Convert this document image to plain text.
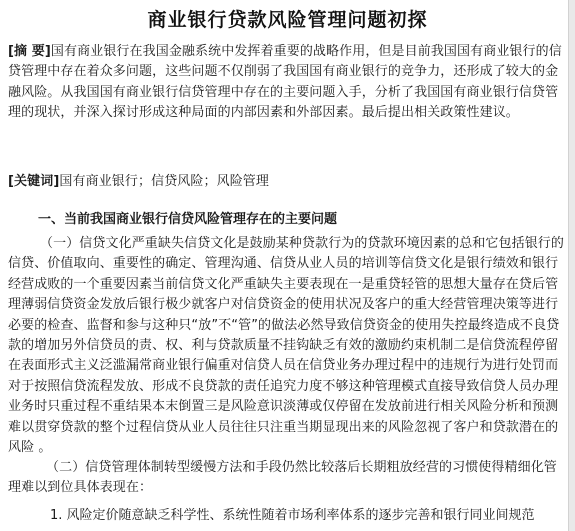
商业银行贷款风险管理问题初探
[摘 要]国有商业银行在我国金融系统中发挥着重要的战略作用，但是目前我国国有商业银行的信贷管理中存在着众多问题，这些问题不仅削弱了我国国有商业银行的竞争力，还形成了较大的金融风险。从我国国有商业银行信贷管理中存在的主要问题入手，分析了我国国有商业银行信贷管理的现状，并深入探讨形成这种局面的内部因素和外部因素。最后提出相关政策性建议。
[关键词]国有商业银行；信贷风险；风险管理
一、当前我国商业银行信贷风险管理存在的主要问题
（一）信贷文化严重缺失信贷文化是鼓励某种贷款行为的贷款环境因素的总和它包括银行的信贷、价值取向、重要性的确定、管理沟通、信贷从业人员的培训等信贷文化是银行绩效和银行经营成败的一个重要因素当前信贷文化严重缺失主要表现在一是重贷轻管的思想大量存在贷后管理薄弱信贷资金发放后银行极少就客户对信贷资金的使用状况及客户的重大经营管理决策等进行必要的检查、监督和参与这种只“放”不“管”的做法必然导致信贷资金的使用失控最终造成不良贷款的增加另外信贷员的责、权、利与贷款质量不挂钩缺乏有效的激励约束机制二是信贷流程停留在表面形式主义泛滥漏常商业银行偏重对信贷人员在信贷业务办理过程中的违规行为进行处罚而对于按照信贷流程发放、形成不良贷款的责任追究力度不够这种管理模式直接导致信贷人员办理业务时只重过程不重结果本末倒置三是风险意识淡薄或仅停留在发放前进行相关风险分析和预测难以贯穿贷款的整个过程信贷从业人员往往只注重当期显现出来的风险忽视了客户和贷款潜在的风险 。
（二）信贷管理体制转型缓慢方法和手段仍然比较落后长期粗放经营的习惯使得精细化管理难以到位具体表现在：
1. 风险定价随意缺乏科学性、系统性随着市场利率体系的逐步完善和银行同业间规范
